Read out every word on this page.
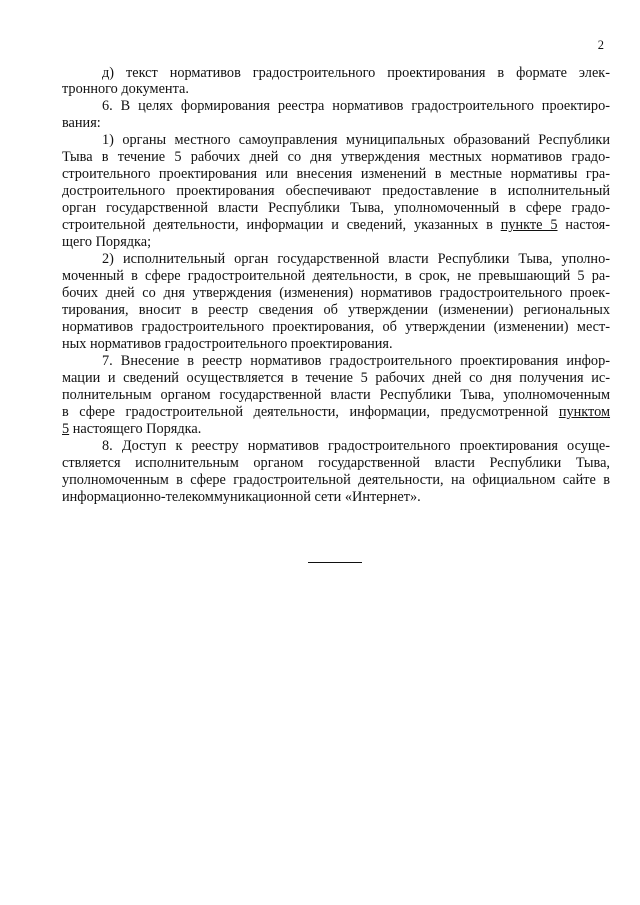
2
д) текст нормативов градостроительного проектирования в формате элек-
тронного документа.
6. В целях формирования реестра нормативов градостроительного проектиро-
вания:
1) органы местного самоуправления муниципальных образований Республики
Тыва в течение 5 рабочих дней со дня утверждения местных нормативов градо-
строительного проектирования или внесения изменений в местные нормативы гра-
достроительного проектирования обеспечивают предоставление в исполнительный
орган государственной власти Республики Тыва, уполномоченный в сфере градо-
строительной деятельности, информации и сведений, указанных в пункте 5 настоя-
щего Порядка;
2) исполнительный орган государственной власти Республики Тыва, уполно-
моченный в сфере градостроительной деятельности, в срок, не превышающий 5 ра-
бочих дней со дня утверждения (изменения) нормативов градостроительного проек-
тирования, вносит в реестр сведения об утверждении (изменении) региональных
нормативов градостроительного проектирования, об утверждении (изменении) мест-
ных нормативов градостроительного проектирования.
7. Внесение в реестр нормативов градостроительного проектирования инфор-
мации и сведений осуществляется в течение 5 рабочих дней со дня получения ис-
полнительным органом государственной власти Республики Тыва, уполномоченным
в сфере градостроительной деятельности, информации, предусмотренной пунктом
5 настоящего Порядка.
8. Доступ к реестру нормативов градостроительного проектирования осуще-
ствляется исполнительным органом государственной власти Республики Тыва,
уполномоченным в сфере градостроительной деятельности, на официальном сайте в
информационно-телекоммуникационной сети «Интернет».
